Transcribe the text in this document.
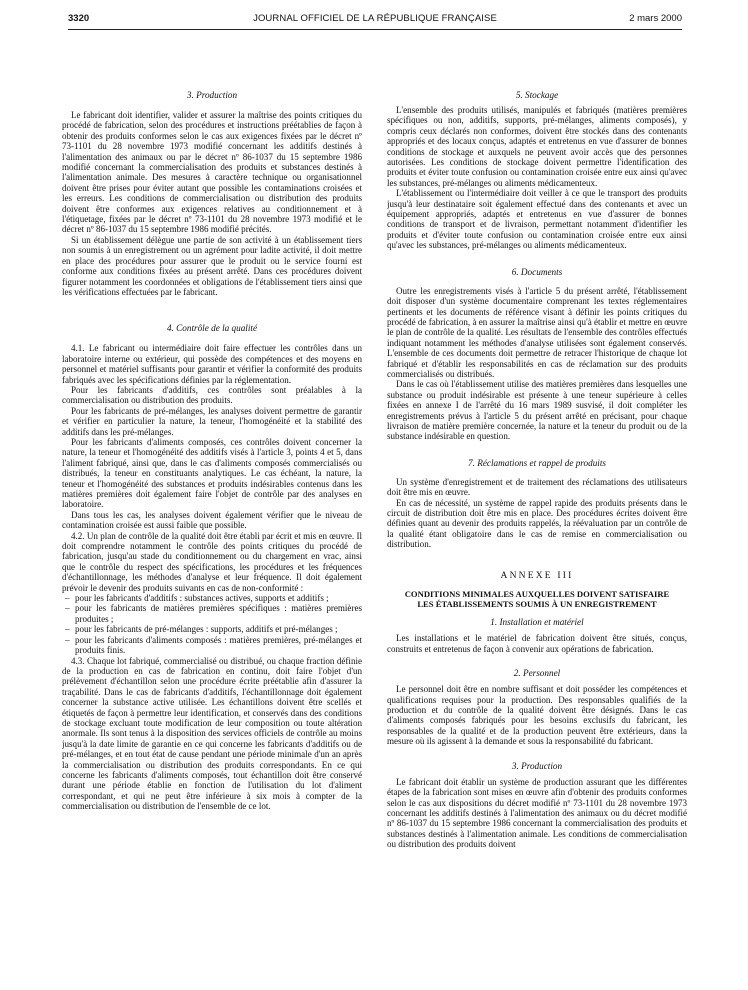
3320	JOURNAL OFFICIEL DE LA RÉPUBLIQUE FRANÇAISE	2 mars 2000
3. Production

Le fabricant doit identifier, valider et assurer la maîtrise des points critiques du procédé de fabrication, selon des procédures et instructions préétablies de façon à obtenir des produits conformes selon le cas aux exigences fixées par le décret nº 73-1101 du 28 novembre 1973 modifié concernant les additifs destinés à l'alimentation des animaux ou par le décret nº 86-1037 du 15 septembre 1986 modifié concernant la commercialisation des produits et substances destinés à l'alimentation animale. Des mesures à caractère technique ou organisationnel doivent être prises pour éviter autant que possible les contaminations croisées et les erreurs. Les conditions de commercialisation ou distribution des produits doivent être conformes aux exigences relatives au conditionnement et à l'étiquetage, fixées par le décret nº 73-1101 du 28 novembre 1973 modifié et le décret nº 86-1037 du 15 septembre 1986 modifié précités.

Si un établissement délègue une partie de son activité à un établissement tiers non soumis à un enregistrement ou un agrément pour ladite activité, il doit mettre en place des procédures pour assurer que le produit ou le service fourni est conforme aux conditions fixées au présent arrêté. Dans ces procédures doivent figurer notamment les coordonnées et obligations de l'établissement tiers ainsi que les vérifications effectuées par le fabricant.

4. Contrôle de la qualité

4.1. Le fabricant ou intermédiaire doit faire effectuer les contrôles dans un laboratoire interne ou extérieur, qui possède des compétences et des moyens en personnel et matériel suffisants pour garantir et vérifier la conformité des produits fabriqués avec les spécifications définies par la réglementation.

Pour les fabricants d'additifs, ces contrôles sont préalables à la commercialisation ou distribution des produits.

Pour les fabricants de pré-mélanges, les analyses doivent permettre de garantir et vérifier en particulier la nature, la teneur, l'homogénéité et la stabilité des additifs dans les pré-mélanges.

Pour les fabricants d'aliments composés, ces contrôles doivent concerner la nature, la teneur et l'homogénéité des additifs visés à l'article 3, points 4 et 5, dans l'aliment fabriqué, ainsi que, dans le cas d'aliments composés commercialisés ou distribués, la teneur en constituants analytiques. Le cas échéant, la nature, la teneur et l'homogénéité des substances et produits indésirables contenus dans les matières premières doit également faire l'objet de contrôle par des analyses en laboratoire.

Dans tous les cas, les analyses doivent également vérifier que le niveau de contamination croisée est aussi faible que possible.

4.2. Un plan de contrôle de la qualité doit être établi par écrit et mis en œuvre. Il doit comprendre notamment le contrôle des points critiques du procédé de fabrication, jusqu'au stade du conditionnement ou du chargement en vrac, ainsi que le contrôle du respect des spécifications, les procédures et les fréquences d'échantillonnage, les méthodes d'analyse et leur fréquence. Il doit également prévoir le devenir des produits suivants en cas de non-conformité :

– pour les fabricants d'additifs : substances actives, supports et additifs ;
– pour les fabricants de matières premières spécifiques : matières premières produites ;
– pour les fabricants de pré-mélanges : supports, additifs et pré-mélanges ;
– pour les fabricants d'aliments composés : matières premières, pré-mélanges et produits finis.

4.3. Chaque lot fabriqué, commercialisé ou distribué, ou chaque fraction définie de la production en cas de fabrication en continu, doit faire l'objet d'un prélèvement d'échantillon selon une procédure écrite préétablie afin d'assurer la traçabilité. Dans le cas de fabricants d'additifs, l'échantillonnage doit également concerner la substance active utilisée. Les échantillons doivent être scellés et étiquetés de façon à permettre leur identification, et conservés dans des conditions de stockage excluant toute modification de leur composition ou toute altération anormale. Ils sont tenus à la disposition des services officiels de contrôle au moins jusqu'à la date limite de garantie en ce qui concerne les fabricants d'additifs ou de pré-mélanges, et en tout état de cause pendant une période minimale d'un an après la commercialisation ou distribution des produits correspondants. En ce qui concerne les fabricants d'aliments composés, tout échantillon doit être conservé durant une période établie en fonction de l'utilisation du lot d'aliment correspondant, et qui ne peut être inférieure à six mois à compter de la commercialisation ou distribution de l'ensemble de ce lot.

5. Stockage

L'ensemble des produits utilisés, manipulés et fabriqués (matières premières spécifiques ou non, additifs, supports, pré-mélanges, aliments composés), y compris ceux déclarés non conformes, doivent être stockés dans des contenants appropriés et des locaux conçus, adaptés et entretenus en vue d'assurer de bonnes conditions de stockage et auxquels ne peuvent avoir accès que des personnes autorisées. Les conditions de stockage doivent permettre l'identification des produits et éviter toute confusion ou contamination croisée entre eux ainsi qu'avec les substances, pré-mélanges ou aliments médicamenteux.

L'établissement ou l'intermédiaire doit veiller à ce que le transport des produits jusqu'à leur destinataire soit également effectué dans des contenants et avec un équipement appropriés, adaptés et entretenus en vue d'assurer de bonnes conditions de transport et de livraison, permettant notamment d'identifier les produits et d'éviter toute confusion ou contamination croisée entre eux ainsi qu'avec les substances, pré-mélanges ou aliments médicamenteux.

6. Documents

Outre les enregistrements visés à l'article 5 du présent arrêté, l'établissement doit disposer d'un système documentaire comprenant les textes réglementaires pertinents et les documents de référence visant à définir les points critiques du procédé de fabrication, à en assurer la maîtrise ainsi qu'à établir et mettre en œuvre le plan de contrôle de la qualité. Les résultats de l'ensemble des contrôles effectués indiquant notamment les méthodes d'analyse utilisées sont également conservés. L'ensemble de ces documents doit permettre de retracer l'historique de chaque lot fabriqué et d'établir les responsabilités en cas de réclamation sur des produits commercialisés ou distribués.

Dans le cas où l'établissement utilise des matières premières dans lesquelles une substance ou produit indésirable est présente à une teneur supérieure à celles fixées en annexe I de l'arrêté du 16 mars 1989 susvisé, il doit compléter les enregistrements prévus à l'article 5 du présent arrêté en précisant, pour chaque livraison de matière première concernée, la nature et la teneur du produit ou de la substance indésirable en question.

7. Réclamations et rappel de produits

Un système d'enregistrement et de traitement des réclamations des utilisateurs doit être mis en œuvre.

En cas de nécessité, un système de rappel rapide des produits présents dans le circuit de distribution doit être mis en place. Des procédures écrites doivent être définies quant au devenir des produits rappelés, la réévaluation par un contrôle de la qualité étant obligatoire dans le cas de remise en commercialisation ou distribution.

ANNEXE III
CONDITIONS MINIMALES AUXQUELLES DOIVENT SATISFAIRE
LES ÉTABLISSEMENTS SOUMIS À UN ENREGISTREMENT
1. Installation et matériel

Les installations et le matériel de fabrication doivent être situés, conçus, construits et entretenus de façon à convenir aux opérations de fabrication.

2. Personnel

Le personnel doit être en nombre suffisant et doit posséder les compétences et qualifications requises pour la production. Des responsables qualifiés de la production et du contrôle de la qualité doivent être désignés. Dans le cas d'aliments composés fabriqués pour les besoins exclusifs du fabricant, les responsables de la qualité et de la production peuvent être extérieurs, dans la mesure où ils agissent à la demande et sous la responsabilité du fabricant.

3. Production

Le fabricant doit établir un système de production assurant que les différentes étapes de la fabrication sont mises en œuvre afin d'obtenir des produits conformes selon le cas aux dispositions du décret modifié nº 73-1101 du 28 novembre 1973 concernant les additifs destinés à l'alimentation des animaux ou du décret modifié nº 86-1037 du 15 septembre 1986 concernant la commercialisation des produits et substances destinés à l'alimentation animale. Les conditions de commercialisation ou distribution des produits doivent
